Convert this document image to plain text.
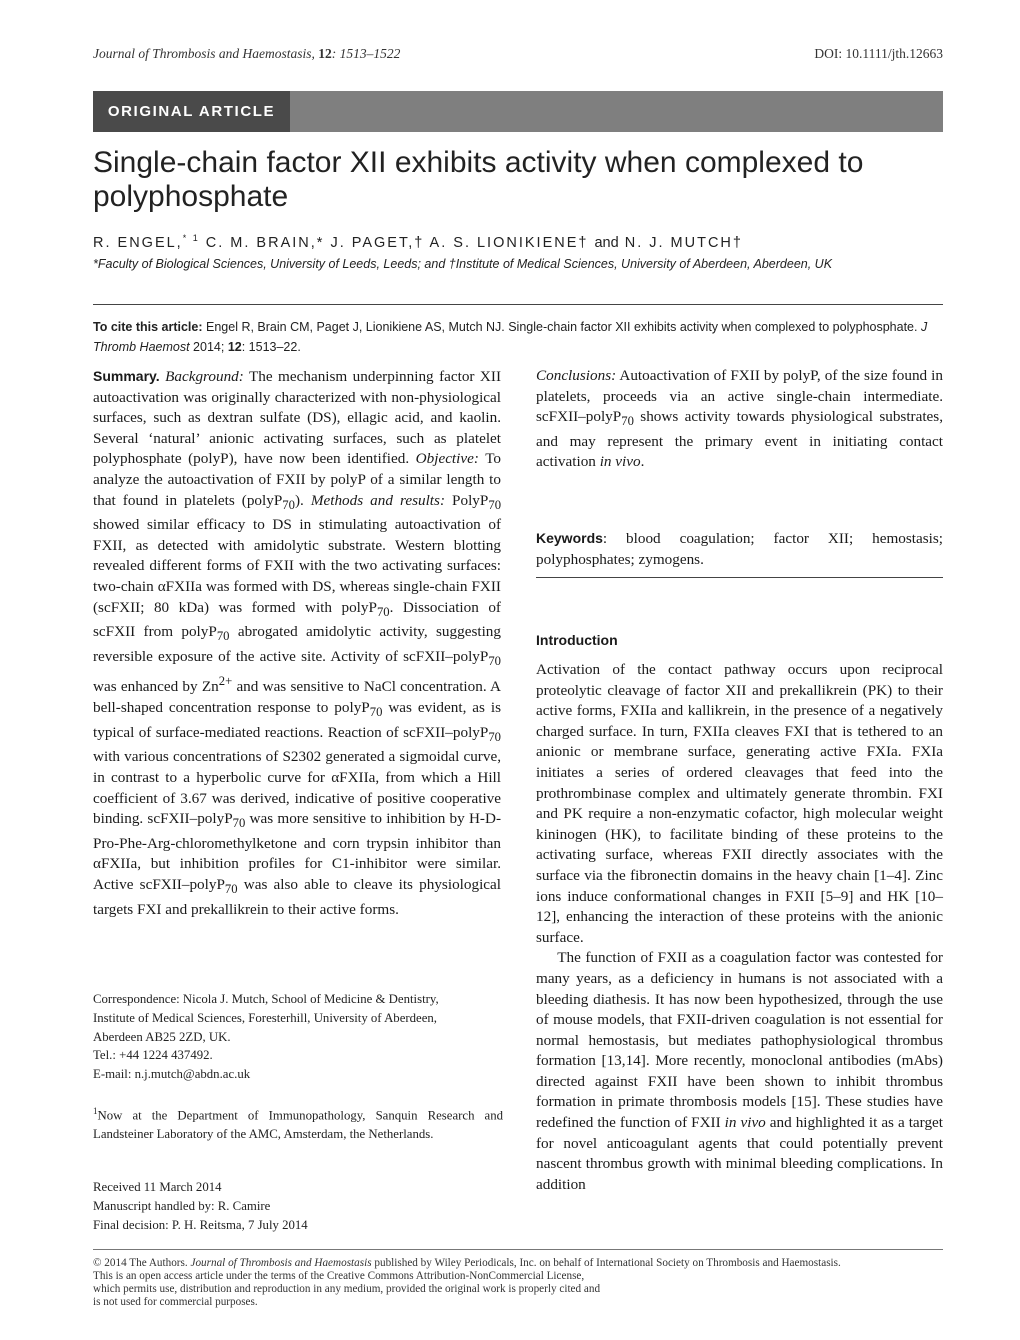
Journal of Thrombosis and Haemostasis, 12: 1513–1522	DOI: 10.1111/jth.12663
ORIGINAL ARTICLE
Single-chain factor XII exhibits activity when complexed to polyphosphate
R. ENGEL,$^{* 1}$ C. M. BRAIN,* J. PAGET,† A. S. LIONIKIENE† and N. J. MUTCH†
*Faculty of Biological Sciences, University of Leeds, Leeds; and †Institute of Medical Sciences, University of Aberdeen, Aberdeen, UK
To cite this article: Engel R, Brain CM, Paget J, Lionikiene AS, Mutch NJ. Single-chain factor XII exhibits activity when complexed to polyphosphate. J Thromb Haemost 2014; 12: 1513–22.
Summary. Background: The mechanism underpinning factor XII autoactivation was originally characterized with non-physiological surfaces, such as dextran sulfate (DS), ellagic acid, and kaolin. Several ‘natural’ anionic activating surfaces, such as platelet polyphosphate (polyP), have now been identified. Objective: To analyze the autoactivation of FXII by polyP of a similar length to that found in platelets (polyP$_{70}$). Methods and results: PolyP$_{70}$ showed similar efficacy to DS in stimulating autoactivation of FXII, as detected with amidolytic substrate. Western blotting revealed different forms of FXII with the two activating surfaces: two-chain αFXIIa was formed with DS, whereas single-chain FXII (scFXII; 80 kDa) was formed with polyP$_{70}$. Dissociation of scFXII from polyP$_{70}$ abrogated amidolytic activity, suggesting reversible exposure of the active site. Activity of scFXII–polyP$_{70}$ was enhanced by $Zn^{2+}$ and was sensitive to NaCl concentration. A bell-shaped concentration response to polyP$_{70}$ was evident, as is typical of surface-mediated reactions. Reaction of scFXII–polyP$_{70}$ with various concentrations of S2302 generated a sigmoidal curve, in contrast to a hyperbolic curve for αFXIIa, from which a Hill coefficient of 3.67 was derived, indicative of positive cooperative binding. scFXII–polyP$_{70}$ was more sensitive to inhibition by H-D-Pro-Phe-Arg-chloromethylketone and corn trypsin inhibitor than αFXIIa, but inhibition profiles for C1-inhibitor were similar. Active scFXII–polyP$_{70}$ was also able to cleave its physiological targets FXI and prekallikrein to their active forms.
Correspondence: Nicola J. Mutch, School of Medicine & Dentistry,
Institute of Medical Sciences, Foresterhill, University of Aberdeen,
Aberdeen AB25 2ZD, UK.
Tel.: +44 1224 437492.
E-mail: n.j.mutch@abdn.ac.uk
$^1$Now at the Department of Immunopathology, Sanquin Research and Landsteiner Laboratory of the AMC, Amsterdam, the Netherlands.
Received 11 March 2014
Manuscript handled by: R. Camire
Final decision: P. H. Reitsma, 7 July 2014
Conclusions: Autoactivation of FXII by polyP, of the size found in platelets, proceeds via an active single-chain intermediate. scFXII–polyP$_{70}$ shows activity towards physiological substrates, and may represent the primary event in initiating contact activation in vivo.
Keywords: blood coagulation; factor XII; hemostasis; polyphosphates; zymogens.
Introduction

Activation of the contact pathway occurs upon reciprocal proteolytic cleavage of factor XII and prekallikrein (PK) to their active forms, FXIIa and kallikrein, in the presence of a negatively charged surface. In turn, FXIIa cleaves FXI that is tethered to an anionic or membrane surface, generating active FXIa. FXIa initiates a series of ordered cleavages that feed into the prothrombinase complex and ultimately generate thrombin. FXI and PK require a non-enzymatic cofactor, high molecular weight kininogen (HK), to facilitate binding of these proteins to the activating surface, whereas FXII directly associates with the surface via the fibronectin domains in the heavy chain [1–4]. Zinc ions induce conformational changes in FXII [5–9] and HK [10–12], enhancing the interaction of these proteins with the anionic surface.

The function of FXII as a coagulation factor was contested for many years, as a deficiency in humans is not associated with a bleeding diathesis. It has now been hypothesized, through the use of mouse models, that FXII-driven coagulation is not essential for normal hemostasis, but mediates pathophysiological thrombus formation [13,14]. More recently, monoclonal antibodies (mAbs) directed against FXII have been shown to inhibit thrombus formation in primate thrombosis models [15]. These studies have redefined the function of FXII in vivo and highlighted it as a target for novel anticoagulant agents that could potentially prevent nascent thrombus growth with minimal bleeding complications. In addition

© 2014 The Authors. Journal of Thrombosis and Haemostasis published by Wiley Periodicals, Inc. on behalf of International Society on Thrombosis and Haemostasis.
This is an open access article under the terms of the Creative Commons Attribution-NonCommercial License,
which permits use, distribution and reproduction in any medium, provided the original work is properly cited and
is not used for commercial purposes.
